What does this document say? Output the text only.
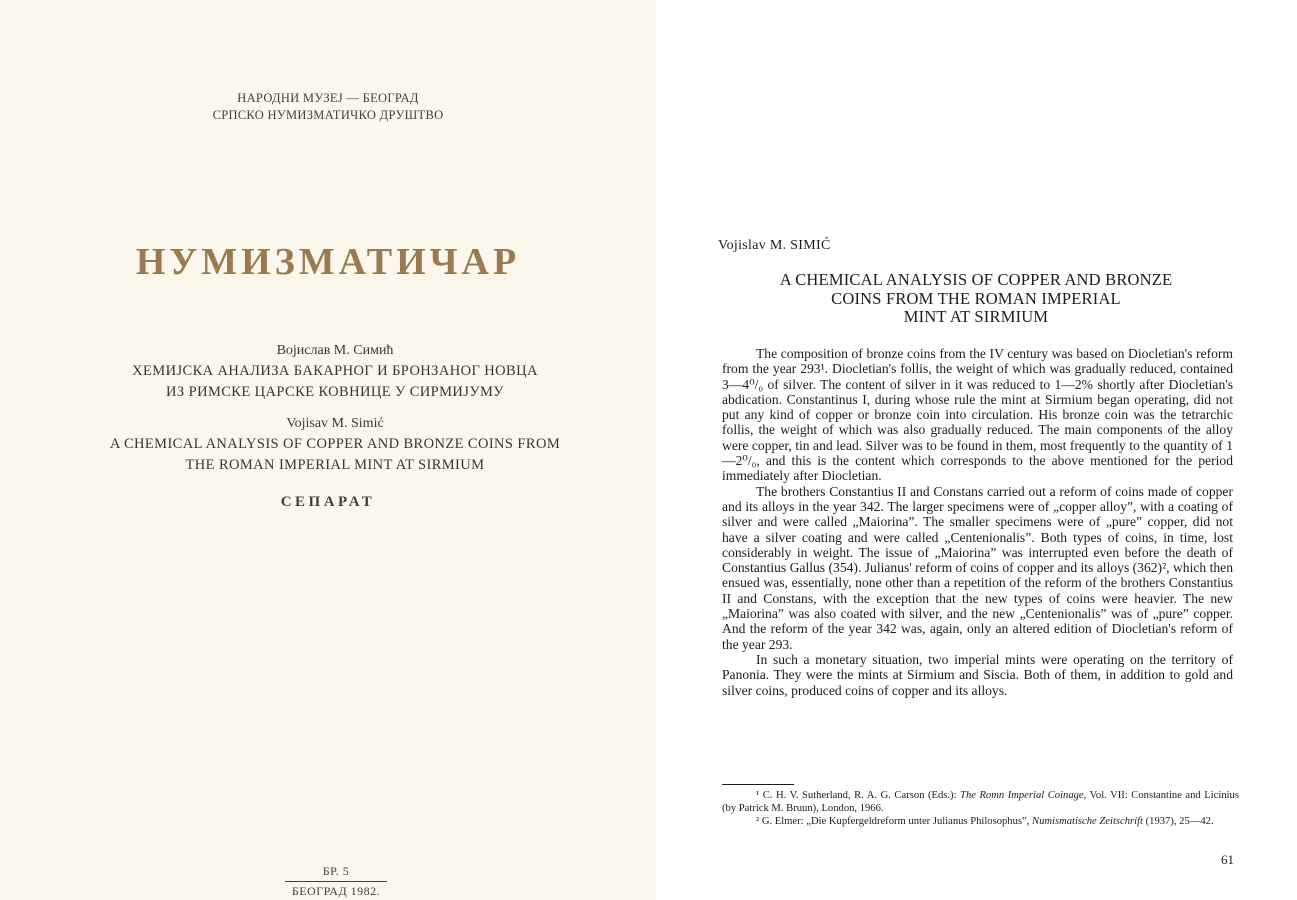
НАРОДНИ МУЗЕЈ — БЕОГРАД
СРПСКО НУМИЗМАТИЧКО ДРУШТВО
НУМИЗМАТИЧАР
Војислав М. Симић
ХЕМИЈСКА АНАЛИЗА БАКАРНОГ И БРОНЗАНОГ НОВЦА
ИЗ РИМСКЕ ЦАРСКЕ КОВНИЦЕ У СИРМИЈУМУ
Vojisav M. Simić
A CHEMICAL ANALYSIS OF COPPER AND BRONZE COINS FROM
THE ROMAN IMPERIAL MINT AT SIRMIUM
СЕПАРАТ
БР. 5
БЕОГРАД 1982.
Vojislav M. SIMIĆ
A CHEMICAL ANALYSIS OF COPPER AND BRONZE
COINS FROM THE ROMAN IMPERIAL
MINT AT SIRMIUM

The composition of bronze coins from the IV century was based on Diocletian's reform from the year 293¹. Diocletian's follis, the weight of which was gradually reduced, contained 3—4⁰/₀ of silver. The content of silver in it was reduced to 1—2% shortly after Diocletian's abdication. Constantinus I, during whose rule the mint at Sirmium began operating, did not put any kind of copper or bronze coin into circulation. His bronze coin was the tetrarchic follis, the weight of which was also gradually reduced. The main components of the alloy were copper, tin and lead. Silver was to be found in them, most frequently to the quantity of 1—2⁰/₀, and this is the content which corresponds to the above mentioned for the period immediately after Diocletian.

The brothers Constantius II and Constans carried out a reform of coins made of copper and its alloys in the year 342. The larger specimens were of „copper alloy”, with a coating of silver and were called „Maiorina”. The smaller specimens were of „pure” copper, did not have a silver coating and were called „Centenionalis”. Both types of coins, in time, lost considerably in weight. The issue of „Maiorina” was interrupted even before the death of Constantius Gallus (354). Julianus' reform of coins of copper and its alloys (362)², which then ensued was, essentially, none other than a repetition of the reform of the brothers Constantius II and Constans, with the exception that the new types of coins were heavier. The new „Maiorina” was also coated with silver, and the new „Centenionalis” was of „pure” copper. And the reform of the year 342 was, again, only an altered edition of Diocletian's reform of the year 293.

In such a monetary situation, two imperial mints were operating on the territory of Panonia. They were the mints at Sirmium and Siscia. Both of them, in addition to gold and silver coins, produced coins of copper and its alloys.

¹ C. H. V. Sutherland, R. A. G. Carson (Eds.): The Romn Imperial Coinage, Vol. VII: Constantine and Licinius (by Patrick M. Bruun), London, 1966.

² G. Elmer: „Die Kupfergeldreform unter Julianus Philosophus”, Numismatische Zeitschrift (1937), 25—42.

61
